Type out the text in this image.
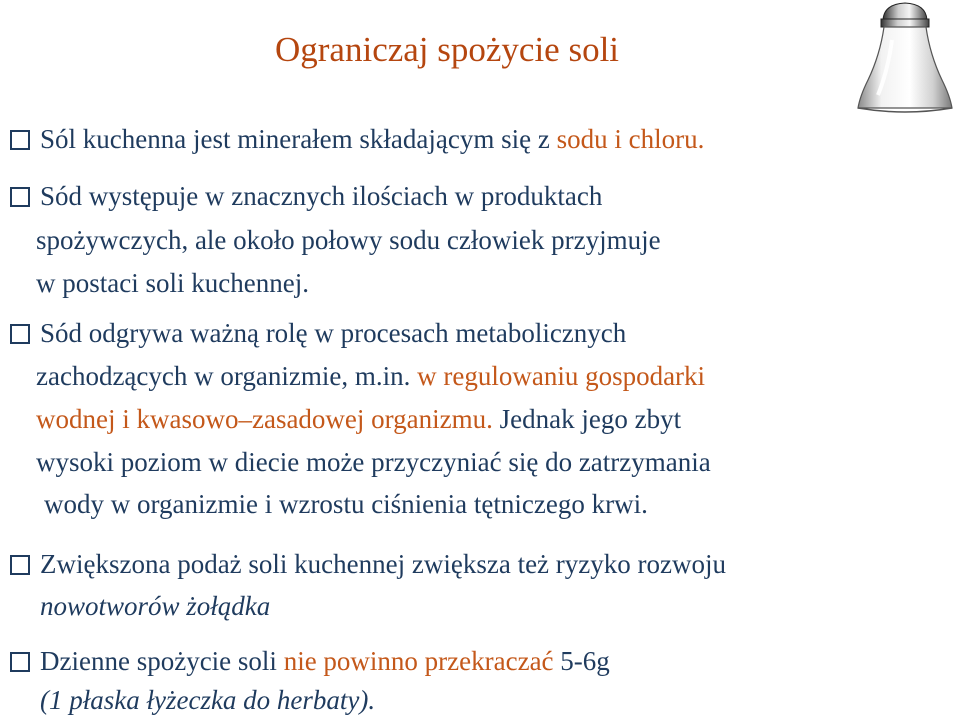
Ograniczaj spożycie soli
Sól kuchenna jest minerałem składającym się z sodu i chloru.
Sód występuje w znacznych ilościach w produktach
spożywczych, ale około połowy sodu człowiek przyjmuje
w postaci soli kuchennej.
Sód odgrywa ważną rolę w procesach metabolicznych
zachodzących w organizmie, m.in. w regulowaniu gospodarki
wodnej i kwasowo–zasadowej organizmu. Jednak jego zbyt
wysoki poziom w diecie może przyczyniać się do zatrzymania
wody w organizmie i wzrostu ciśnienia tętniczego krwi.
Zwiększona podaż soli kuchennej zwiększa też ryzyko rozwoju
nowotworów żołądka
Dzienne spożycie soli nie powinno przekraczać 5-6g
(1 płaska łyżeczka do herbaty).
